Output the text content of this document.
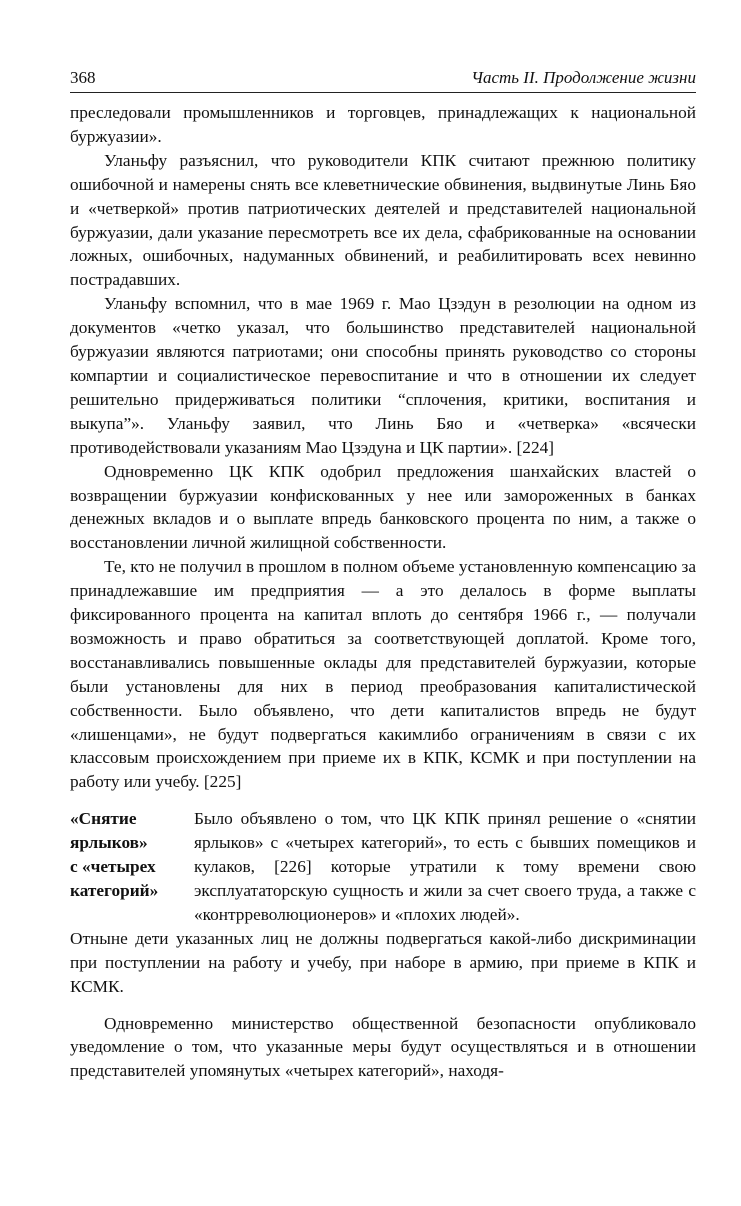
368	Часть II. Продолжение жизни

преследовали промышленников и торговцев, принадлежащих к национальной буржуазии».

Уланьфу разъяснил, что руководители КПК считают прежнюю политику ошибочной и намерены снять все клеветнические обвинения, выдвинутые Линь Бяо и «четверкой» против патриотических деятелей и представителей национальной буржуазии, дали указание пересмотреть все их дела, сфабрикованные на основании ложных, ошибочных, надуманных обвинений, и реабилитировать всех невинно пострадавших.

Уланьфу вспомнил, что в мае 1969 г. Мао Цзэдун в резолюции на одном из документов «четко указал, что большинство представителей национальной буржуазии являются патриотами; они способны принять руководство со стороны компартии и социалистическое перевоспитание и что в отношении их следует решительно придерживаться политики “сплочения, критики, воспитания и выкупа”». Уланьфу заявил, что Линь Бяо и «четверка» «всячески противодействовали указаниям Мао Цзэдуна и ЦК партии». [224]

Одновременно ЦК КПК одобрил предложения шанхайских властей о возвращении буржуазии конфискованных у нее или замороженных в банках денежных вкладов и о выплате впредь банковского процента по ним, а также о восстановлении личной жилищной собственности.

Те, кто не получил в прошлом в полном объеме установленную компенсацию за принадлежавшие им предприятия — а это делалось в форме выплаты фиксированного процента на капитал вплоть до сентября 1966 г., — получали возможность и право обратиться за соответствующей доплатой. Кроме того, восстанавливались повышенные оклады для представителей буржуазии, которые были установлены для них в период преобразования капиталистической собственности. Было объявлено, что дети капиталистов впредь не будут «лишенцами», не будут подвергаться какимлибо ограничениям в связи с их классовым происхождением при приеме их в КПК, КСМК и при поступлении на работу или учебу. [225]

«Снятие
ярлыков»
с «четырех
категорий»

Было объявлено о том, что ЦК КПК принял решение о «снятии ярлыков» с «четырех категорий», то есть с бывших помещиков и кулаков, [226] которые утратили к тому времени свою эксплуататорскую сущность и жили за счет своего труда, а также с «контрреволюционеров» и «плохих людей».

Отныне дети указанных лиц не должны подвергаться какой-либо дискриминации при поступлении на работу и учебу, при наборе в армию, при приеме в КПК и КСМК.

Одновременно министерство общественной безопасности опубликовало уведомление о том, что указанные меры будут осуществляться и в отношении представителей упомянутых «четырех категорий», находя-
